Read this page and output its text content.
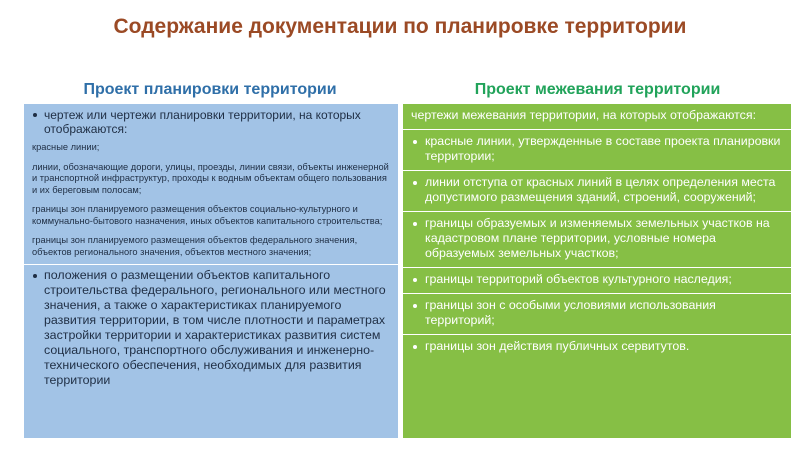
Содержание документации по планировке территории
Проект планировки территории	Проект межевания территории
чертеж или чертежи планировки территории, на которых отображаются:
красные линии;
линии, обозначающие дороги, улицы, проезды, линии связи, объекты инженерной и транспортной инфраструктур, проходы к водным объектам общего пользования и их береговым полосам;
границы зон планируемого размещения объектов социально-культурного и коммунально-бытового назначения, иных объектов капитального строительства;
границы зон планируемого размещения объектов федерального значения, объектов регионального значения, объектов местного значения;
положения о размещении объектов капитального строительства федерального, регионального или местного значения, а также о характеристиках планируемого развития территории, в том числе плотности и параметрах застройки территории и характеристиках развития систем социального, транспортного обслуживания и инженерно-технического обеспечения, необходимых для развития территории
чертежи межевания территории, на которых отображаются:
красные линии, утвержденные в составе проекта планировки территории;
линии отступа от красных линий в целях определения места допустимого размещения зданий, строений, сооружений;
границы образуемых и изменяемых земельных участков на кадастровом плане территории, условные номера образуемых земельных участков;
границы территорий объектов культурного наследия;
границы зон с особыми условиями использования территорий;
границы зон действия публичных сервитутов.
